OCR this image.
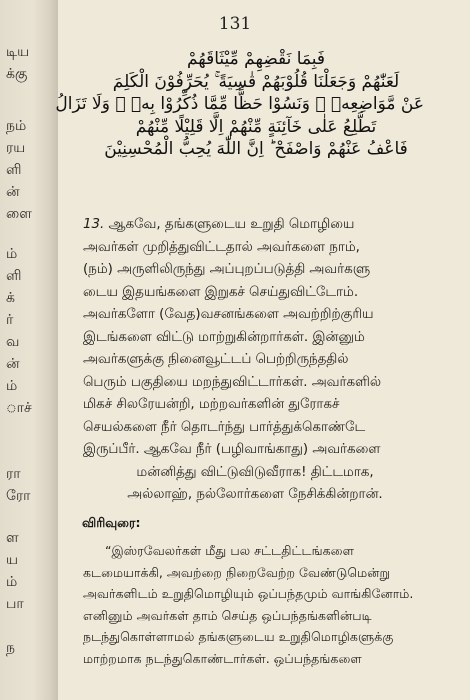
டிய
க்கு
நம்
ரய
ளி
ன்
ளை
ம்
ளி
க்
ர்
வ
ன்
ம்
ாச்
ரா
ரோ
ள
ய
ம்
பா
ந
131
فَبِمَا نَقْضِهِمْ مِّيْثَاقَهُمْ
لَعَنّٰهُمْ وَجَعَلْنَا قُلُوْبَهُمْ قٰسِيَةً ۚ يُحَرِّفُوْنَ الْكَلِمَ
عَنْ مَّوَاضِعِهٖ ۙ وَنَسُوْا حَظًّا مِّمَّا ذُكِّرُوْا بِهٖ ۚ وَلَا تَزَالُ
تَطَّلِعُ عَلٰى خَآئِنَةٍ مِّنْهُمْ اِلَّا قَلِيْلًا مِّنْهُمْ
فَاعْفُ عَنْهُمْ وَاصْفَحْ ؕ اِنَّ اللّٰهَ يُحِبُّ الْمُحْسِنِيْنَ
13. ஆகவே, தங்களுடைய உறுதி மொழியை
அவர்கள் முறித்துவிட்டதால் அவர்களை நாம்,
(நம்) அருளிலிருந்து அப்புறப்படுத்தி அவர்களு
டைய இதயங்களை இறுகச் செய்துவிட்டோம்.
அவர்களோ (வேத)வசனங்களை அவற்றிற்குரிய
இடங்களை விட்டு மாற்றுகின்றார்கள். இன்னும்
அவர்களுக்கு நினைவூட்டப் பெற்றிருந்ததில்
பெரும் பகுதியை மறந்துவிட்டார்கள். அவர்களில்
மிகச் சிலரேயன்றி, மற்றவர்களின் துரோகச்
செயல்களை நீர் தொடர்ந்து பார்த்துக்கொண்டே
இருப்பீர். ஆகவே நீர் (பழிவாங்காது) அவர்களை
மன்னித்து விட்டுவிடுவீராக! திட்டமாக,
அல்லாஹ், நல்லோர்களை நேசிக்கின்றான்.
விரிவுரை:
“இஸ்ரவேலர்கள் மீது பல சட்டதிட்டங்களை
கடமையாக்கி, அவற்றை நிறைவேற்ற வேண்டுமென்று
அவர்களிடம் உறுதிமொழியும் ஒப்பந்தமும் வாங்கினோம்.
எனினும் அவர்கள் தாம் செய்த ஒப்பந்தங்களின்படி
நடந்துகொள்ளாமல் தங்களுடைய உறுதிமொழிகளுக்கு
மாற்றமாக நடந்துகொண்டார்கள். ஒப்பந்தங்களை
